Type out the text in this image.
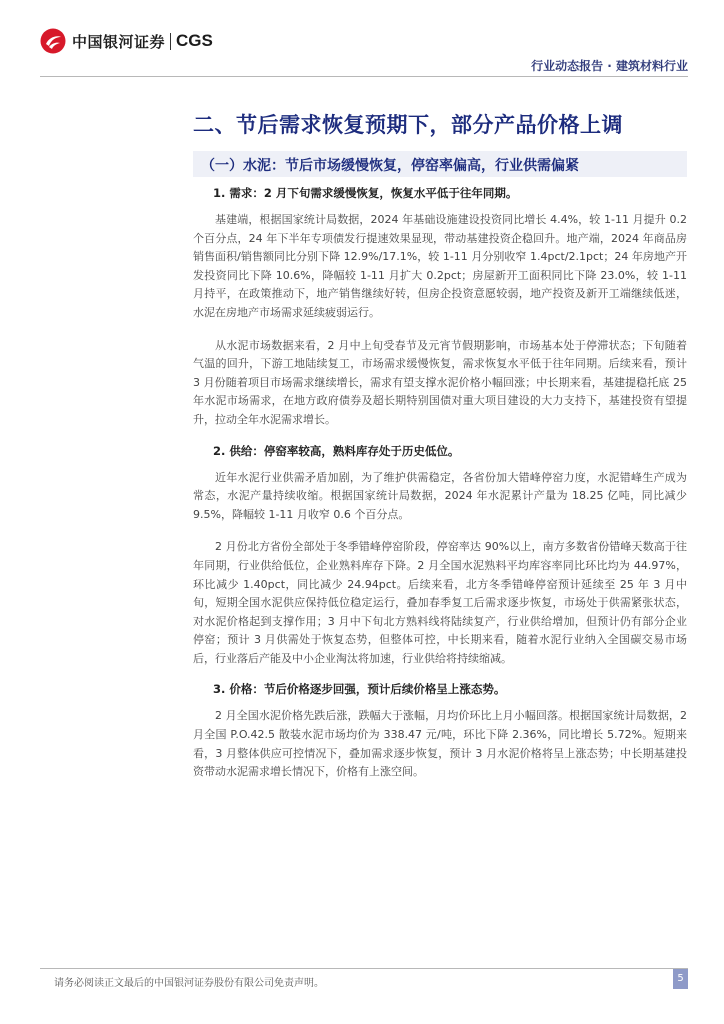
中国银河证券 CGS
行业动态报告 · 建筑材料行业
二、节后需求恢复预期下，部分产品价格上调
（一）水泥：节后市场缓慢恢复，停窑率偏高，行业供需偏紧

1. 需求：2 月下旬需求缓慢恢复，恢复水平低于往年同期。

基建端，根据国家统计局数据，2024 年基础设施建设投资同比增长 4.4%，较 1-11 月提升 0.2 个百分点，24 年下半年专项债发行提速效果显现，带动基建投资企稳回升。地产端，2024 年商品房销售面积/销售额同比分别下降 12.9%/17.1%，较 1-11 月分别收窄 1.4pct/2.1pct；24 年房地产开发投资同比下降 10.6%，降幅较 1-11 月扩大 0.2pct；房屋新开工面积同比下降 23.0%，较 1-11 月持平，在政策推动下，地产销售继续好转，但房企投资意愿较弱，地产投资及新开工端继续低迷，水泥在房地产市场需求延续疲弱运行。

从水泥市场数据来看，2 月中上旬受春节及元宵节假期影响，市场基本处于停滞状态；下旬随着气温的回升，下游工地陆续复工，市场需求缓慢恢复，需求恢复水平低于往年同期。后续来看，预计 3 月份随着项目市场需求继续增长，需求有望支撑水泥价格小幅回涨；中长期来看，基建提稳托底 25 年水泥市场需求，在地方政府债券及超长期特别国债对重大项目建设的大力支持下，基建投资有望提升，拉动全年水泥需求增长。

2. 供给：停窑率较高，熟料库存处于历史低位。

近年水泥行业供需矛盾加剧，为了维护供需稳定，各省份加大错峰停窑力度，水泥错峰生产成为常态，水泥产量持续收缩。根据国家统计局数据，2024 年水泥累计产量为 18.25 亿吨，同比减少 9.5%，降幅较 1-11 月收窄 0.6 个百分点。

2 月份北方省份全部处于冬季错峰停窑阶段，停窑率达 90%以上，南方多数省份错峰天数高于往年同期，行业供给低位，企业熟料库存下降。2 月全国水泥熟料平均库容率同比环比均为 44.97%，环比减少 1.40pct，同比减少 24.94pct。后续来看，北方冬季错峰停窑预计延续至 25 年 3 月中旬，短期全国水泥供应保持低位稳定运行，叠加春季复工后需求逐步恢复，市场处于供需紧张状态，对水泥价格起到支撑作用；3 月中下旬北方熟料线将陆续复产，行业供给增加，但预计仍有部分企业停窑；预计 3 月供需处于恢复态势，但整体可控，中长期来看，随着水泥行业纳入全国碳交易市场后，行业落后产能及中小企业淘汰将加速，行业供给将持续缩减。

3. 价格：节后价格逐步回强，预计后续价格呈上涨态势。

2 月全国水泥价格先跌后涨，跌幅大于涨幅，月均价环比上月小幅回落。根据国家统计局数据，2 月全国 P.O.42.5 散装水泥市场均价为 338.47 元/吨，环比下降 2.36%，同比增长 5.72%。短期来看，3 月整体供应可控情况下，叠加需求逐步恢复，预计 3 月水泥价格将呈上涨态势；中长期基建投资带动水泥需求增长情况下，价格有上涨空间。

请务必阅读正文最后的中国银河证券股份有限公司免责声明。	5
